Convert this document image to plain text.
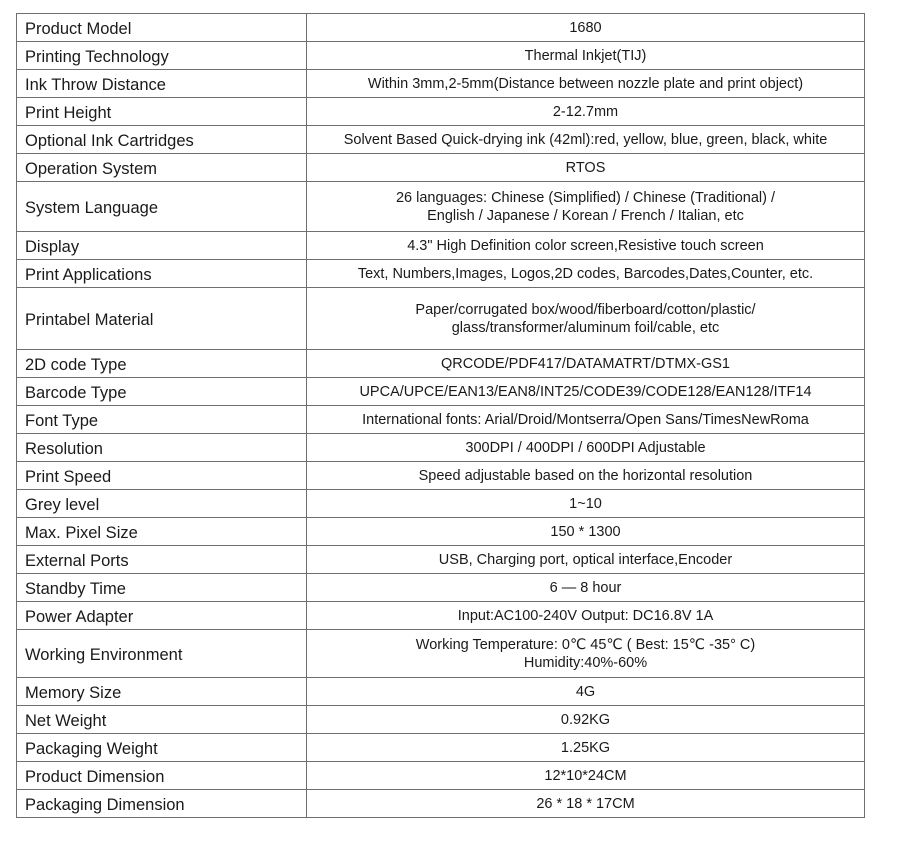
Product Model	1680

Printing Technology	Thermal Inkjet(TIJ)

Ink Throw Distance	Within 3mm,2-5mm(Distance between nozzle plate and print object)

Print Height	2-12.7mm

Optional Ink Cartridges	Solvent Based Quick-drying ink (42ml):red, yellow, blue, green, black, white

Operation System	RTOS

System Language	26 languages: Chinese (Simplified) / Chinese (Traditional) /
English / Japanese / Korean / French / Italian, etc

Display	4.3" High Definition color screen,Resistive touch screen

Print Applications	Text, Numbers,Images, Logos,2D codes, Barcodes,Dates,Counter, etc.

Printabel Material	Paper/corrugated box/wood/fiberboard/cotton/plastic/
glass/transformer/aluminum foil/cable, etc

2D code Type	QRCODE/PDF417/DATAMATRT/DTMX-GS1

Barcode Type	UPCA/UPCE/EAN13/EAN8/INT25/CODE39/CODE128/EAN128/ITF14

Font Type	International fonts: Arial/Droid/Montserra/Open Sans/TimesNewRoma

Resolution	300DPI / 400DPI / 600DPI Adjustable

Print Speed	Speed adjustable based on the horizontal resolution

Grey level	1~10

Max. Pixel Size	150 * 1300

External Ports	USB, Charging port, optical interface,Encoder

Standby Time	6 — 8 hour

Power Adapter	Input:AC100-240V Output: DC16.8V 1A

Working Environment	Working Temperature: 0℃ 45℃ ( Best: 15℃ -35° C)
Humidity:40%-60%

Memory Size	4G

Net Weight	0.92KG

Packaging Weight	1.25KG

Product Dimension	12*10*24CM

Packaging Dimension	26 * 18 * 17CM
